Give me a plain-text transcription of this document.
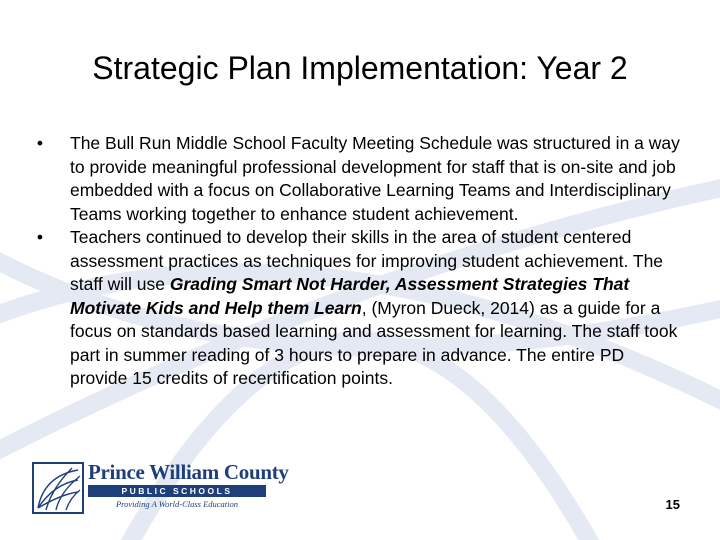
Strategic Plan Implementation: Year 2
•	The Bull Run Middle School Faculty Meeting Schedule was structured in a way to provide meaningful professional development for staff that is on-site and job embedded with a focus on Collaborative Learning Teams and Interdisciplinary Teams working together to enhance student achievement.
•	Teachers continued to develop their skills in the area of student centered assessment practices as techniques for improving student achievement. The staff will use Grading Smart Not Harder, Assessment Strategies That Motivate Kids and Help them Learn, (Myron Dueck, 2014) as a guide for a focus on standards based learning and assessment for learning. The staff took part in summer reading of 3 hours to prepare in advance. The entire PD provide 15 credits of recertification points.
Prince William County
PUBLIC SCHOOLS
Providing A World-Class Education	15
